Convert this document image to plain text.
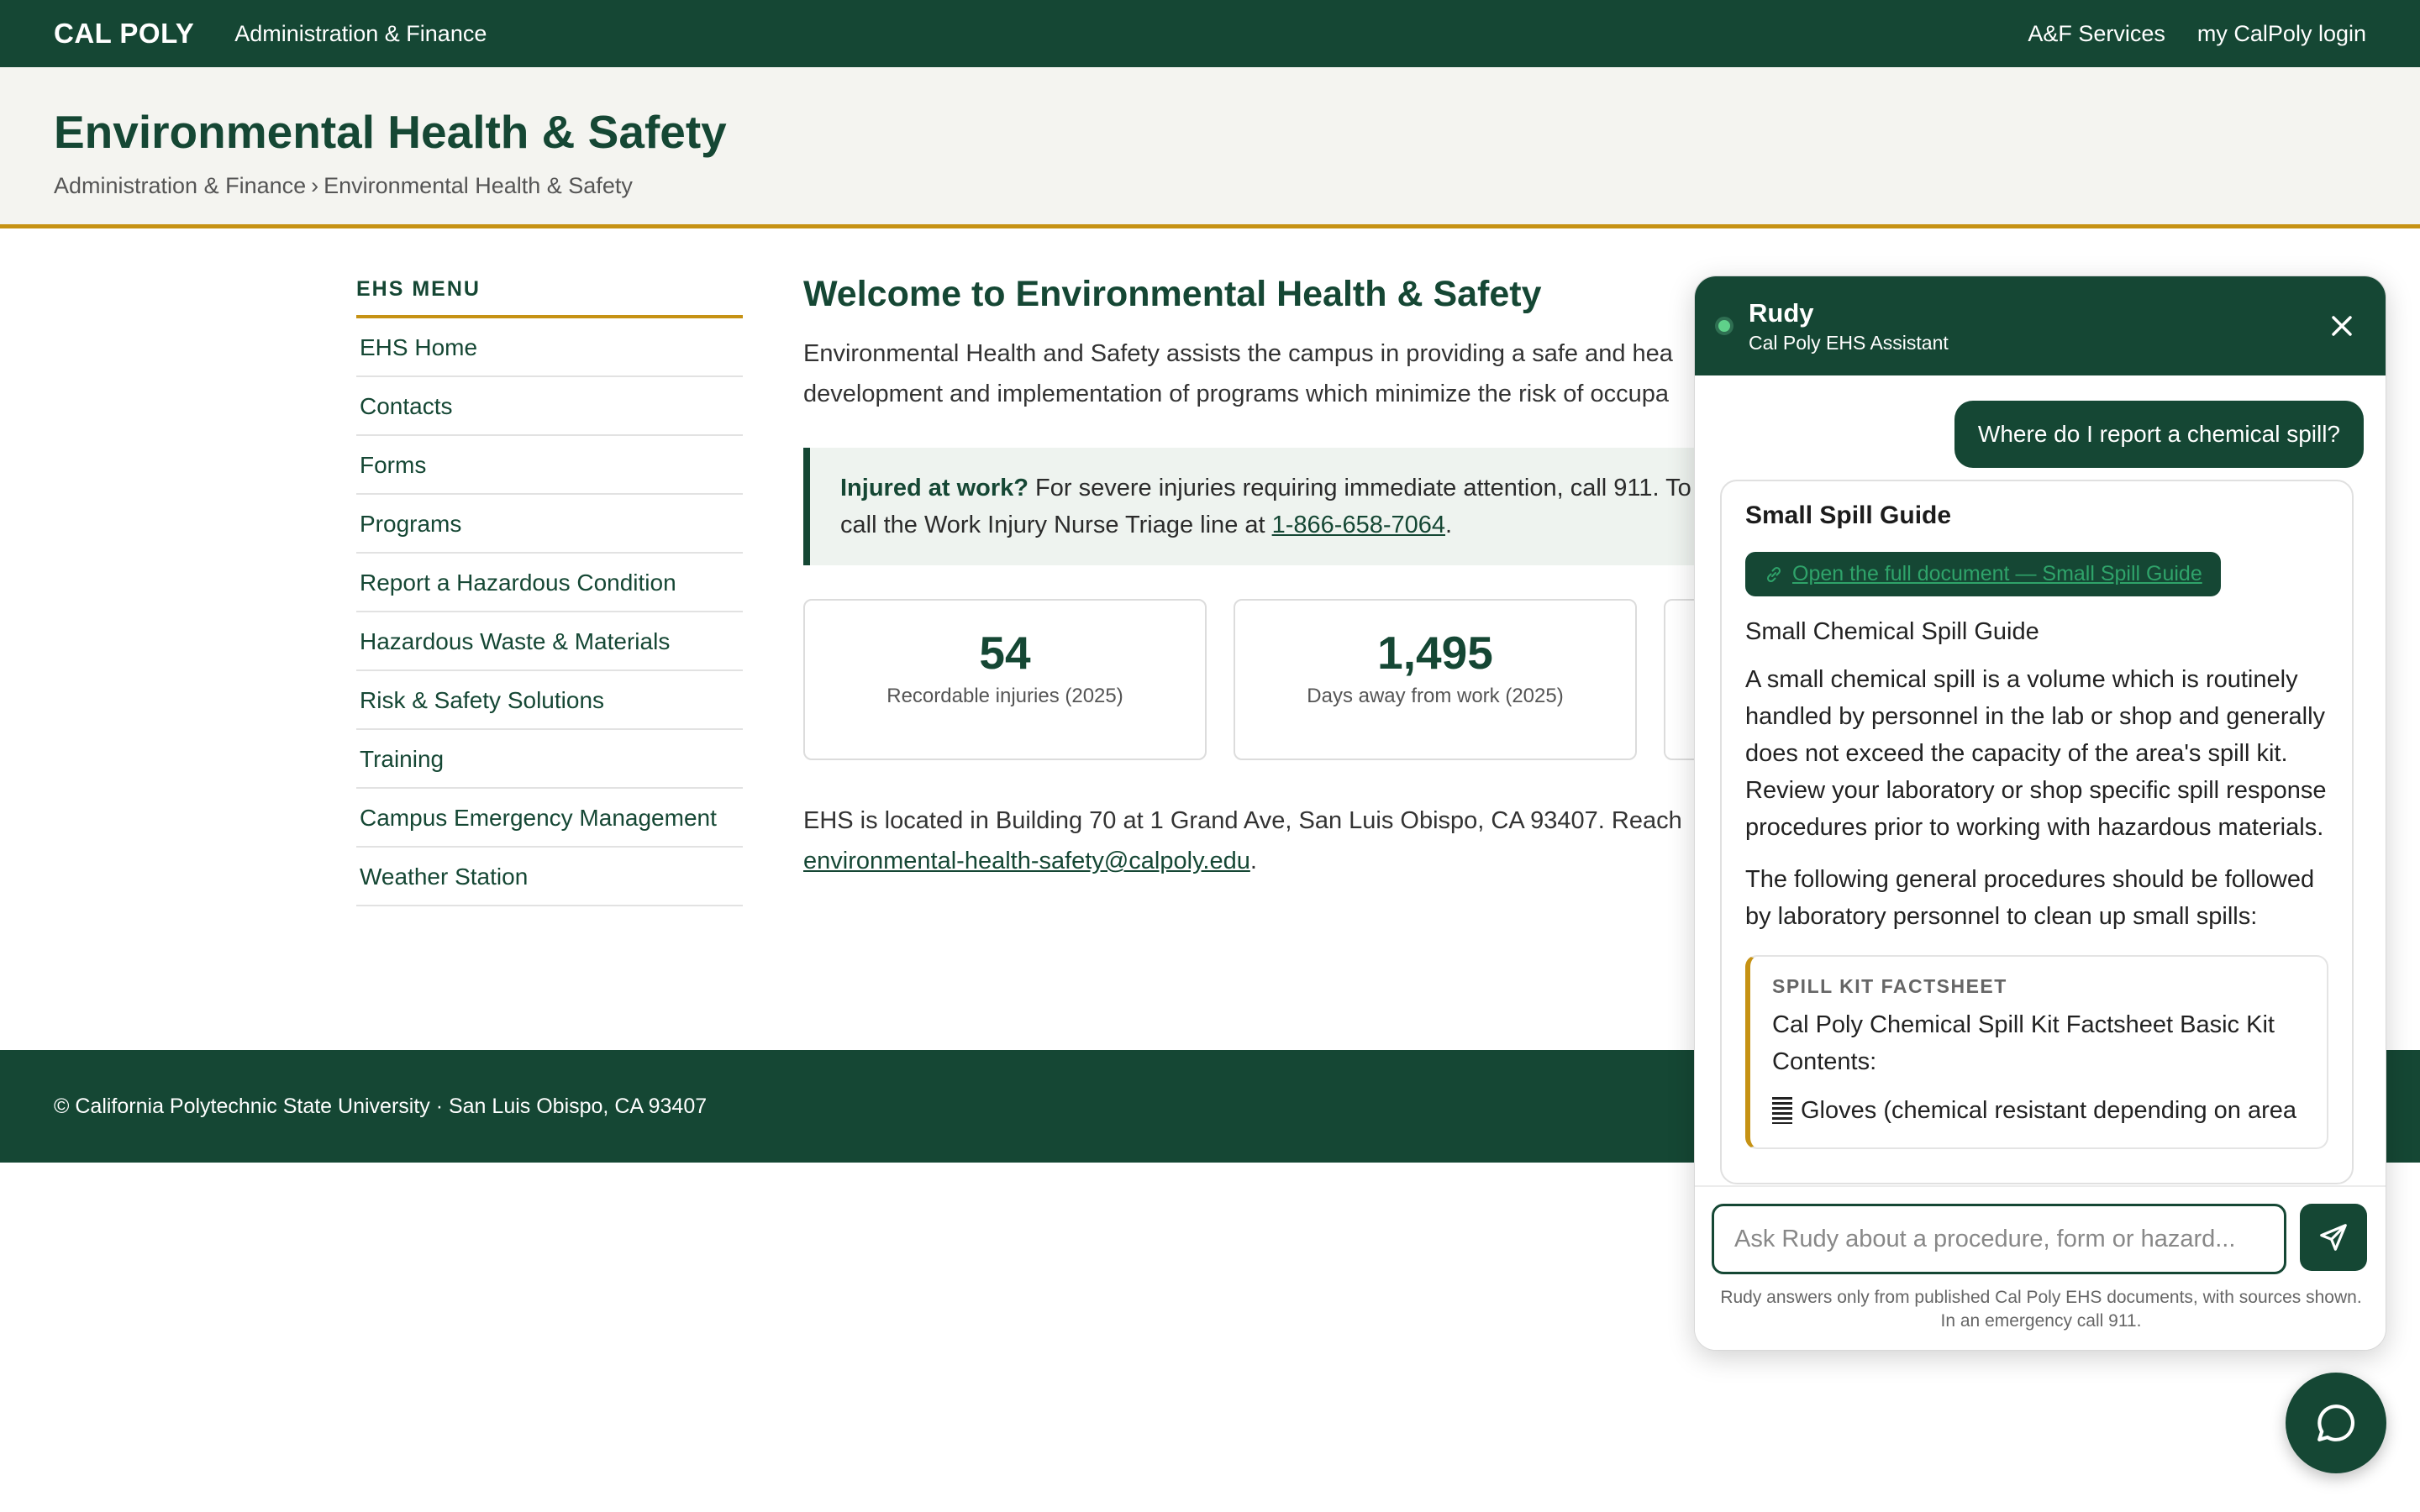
CAL POLY Administration & Finance	A&F Services my CalPoly login
Environmental Health & Safety
Administration & Finance › Environmental Health & Safety
EHS MENU
EHS Home
Contacts
Forms
Programs
Report a Hazardous Condition
Hazardous Waste & Materials
Risk & Safety Solutions
Training
Campus Emergency Management
Weather Station
Welcome to Environmental Health & Safety

Environmental Health and Safety assists the campus in providing a safe and hea
development and implementation of programs which minimize the risk of occupa

Injured at work? For severe injuries requiring immediate attention, call 911. To
call the Work Injury Nurse Triage line at 1-866-658-7064.
54
Recordable injuries (2025)
1,495
Days away from work (2025)

EHS is located in Building 70 at 1 Grand Ave, San Luis Obispo, CA 93407. Reach
environmental-health-safety@calpoly.edu.

© California Polytechnic State University · San Luis Obispo, CA 93407
Rudy
Cal Poly EHS Assistant
Where do I report a chemical spill?
Small Spill Guide
Open the full document — Small Spill Guide
Small Chemical Spill Guide

A small chemical spill is a volume which is routinely handled by personnel in the lab or shop and generally does not exceed the capacity of the area's spill kit. Review your laboratory or shop specific spill response procedures prior to working with hazardous materials.

The following general procedures should be followed by laboratory personnel to clean up small spills:

SPILL KIT FACTSHEET
Cal Poly Chemical Spill Kit Factsheet Basic Kit Contents:
Gloves (chemical resistant depending on area
Ask Rudy about a procedure, form or hazard...
Rudy answers only from published Cal Poly EHS documents, with sources shown. In an emergency call 911.
